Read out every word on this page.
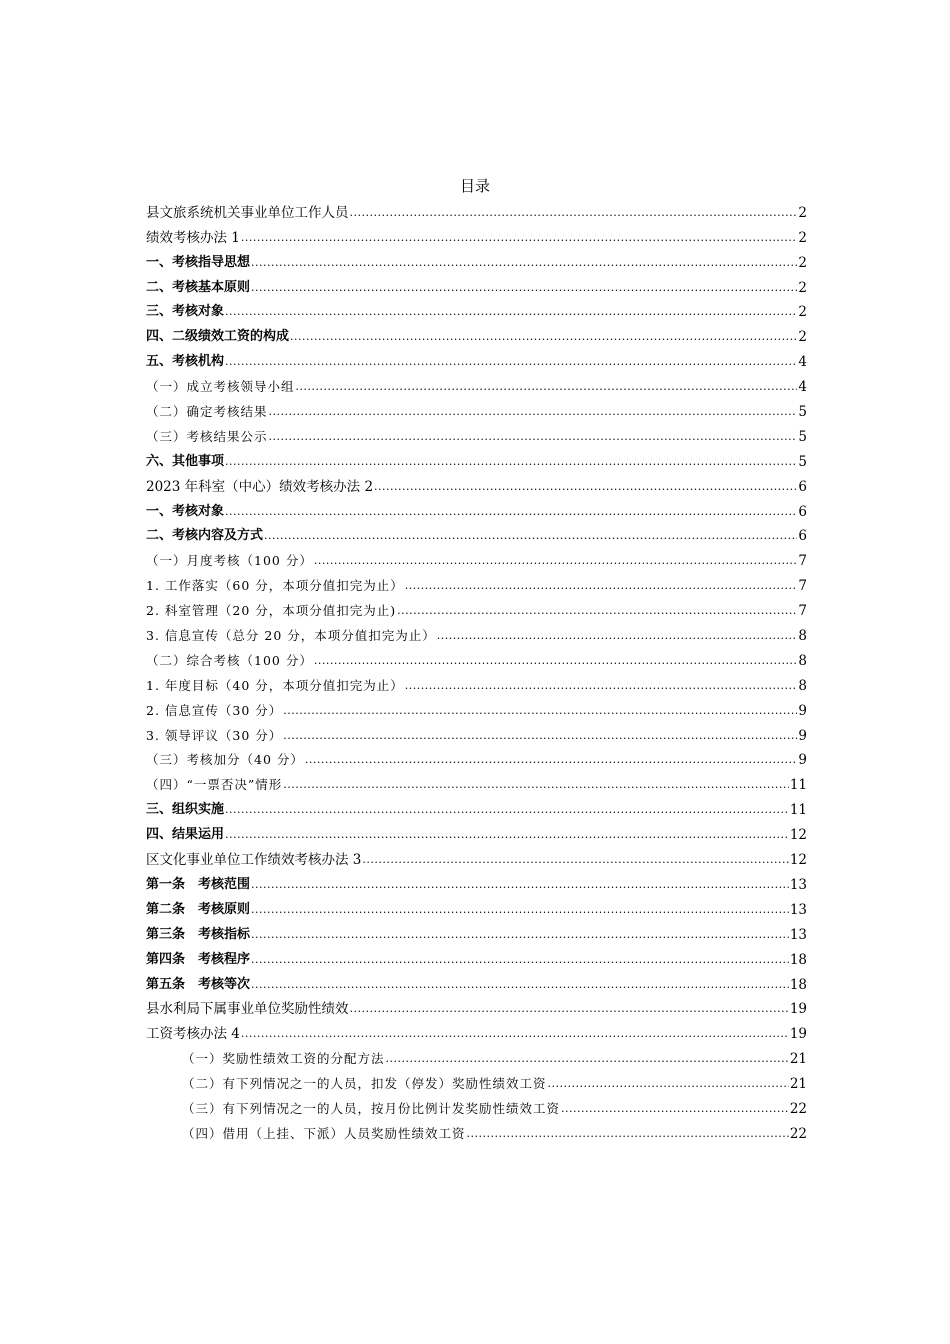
目录
县文旅系统机关事业单位工作人员 .....	2
绩效考核办法 1 .....	2
一、考核指导思想 .....	2
二、考核基本原则 .....	2
三、考核对象 .....	2
四、二级绩效工资的构成 .....	2
五、考核机构 .....	4
（一）成立考核领导小组 .....	4
（二）确定考核结果 .....	5
（三）考核结果公示 .....	5
六、其他事项 .....	5
2023 年科室（中心）绩效考核办法 2 .....	6
一、考核对象 .....	6
二、考核内容及方式 .....	6
（一）月度考核（100 分） .....	7
1. 工作落实（60 分，本项分值扣完为止） .....	7
2. 科室管理（20 分，本项分值扣完为止) .....	7
3. 信息宣传（总分 20 分，本项分值扣完为止） .....	8
（二）综合考核（100 分） .....	8
1. 年度目标（40 分，本项分值扣完为止） .....	8
2. 信息宣传（30 分） .....	9
3. 领导评议（30 分） .....	9
（三）考核加分（40 分） .....	9
（四）“一票否决”情形 .....	11
三、组织实施 .....	11
四、结果运用 .....	12
区文化事业单位工作绩效考核办法 3 .....	12
第一条　考核范围 .....	13
第二条　考核原则 .....	13
第三条　考核指标 .....	13
第四条　考核程序 .....	18
第五条　考核等次 .....	18
县水利局下属事业单位奖励性绩效 .....	19
工资考核办法 4 .....	19
（一）奖励性绩效工资的分配方法 .....	21
（二）有下列情况之一的人员，扣发（停发）奖励性绩效工资 .....	21
（三）有下列情况之一的人员，按月份比例计发奖励性绩效工资 .....	22
（四）借用（上挂、下派）人员奖励性绩效工资 .....	22
